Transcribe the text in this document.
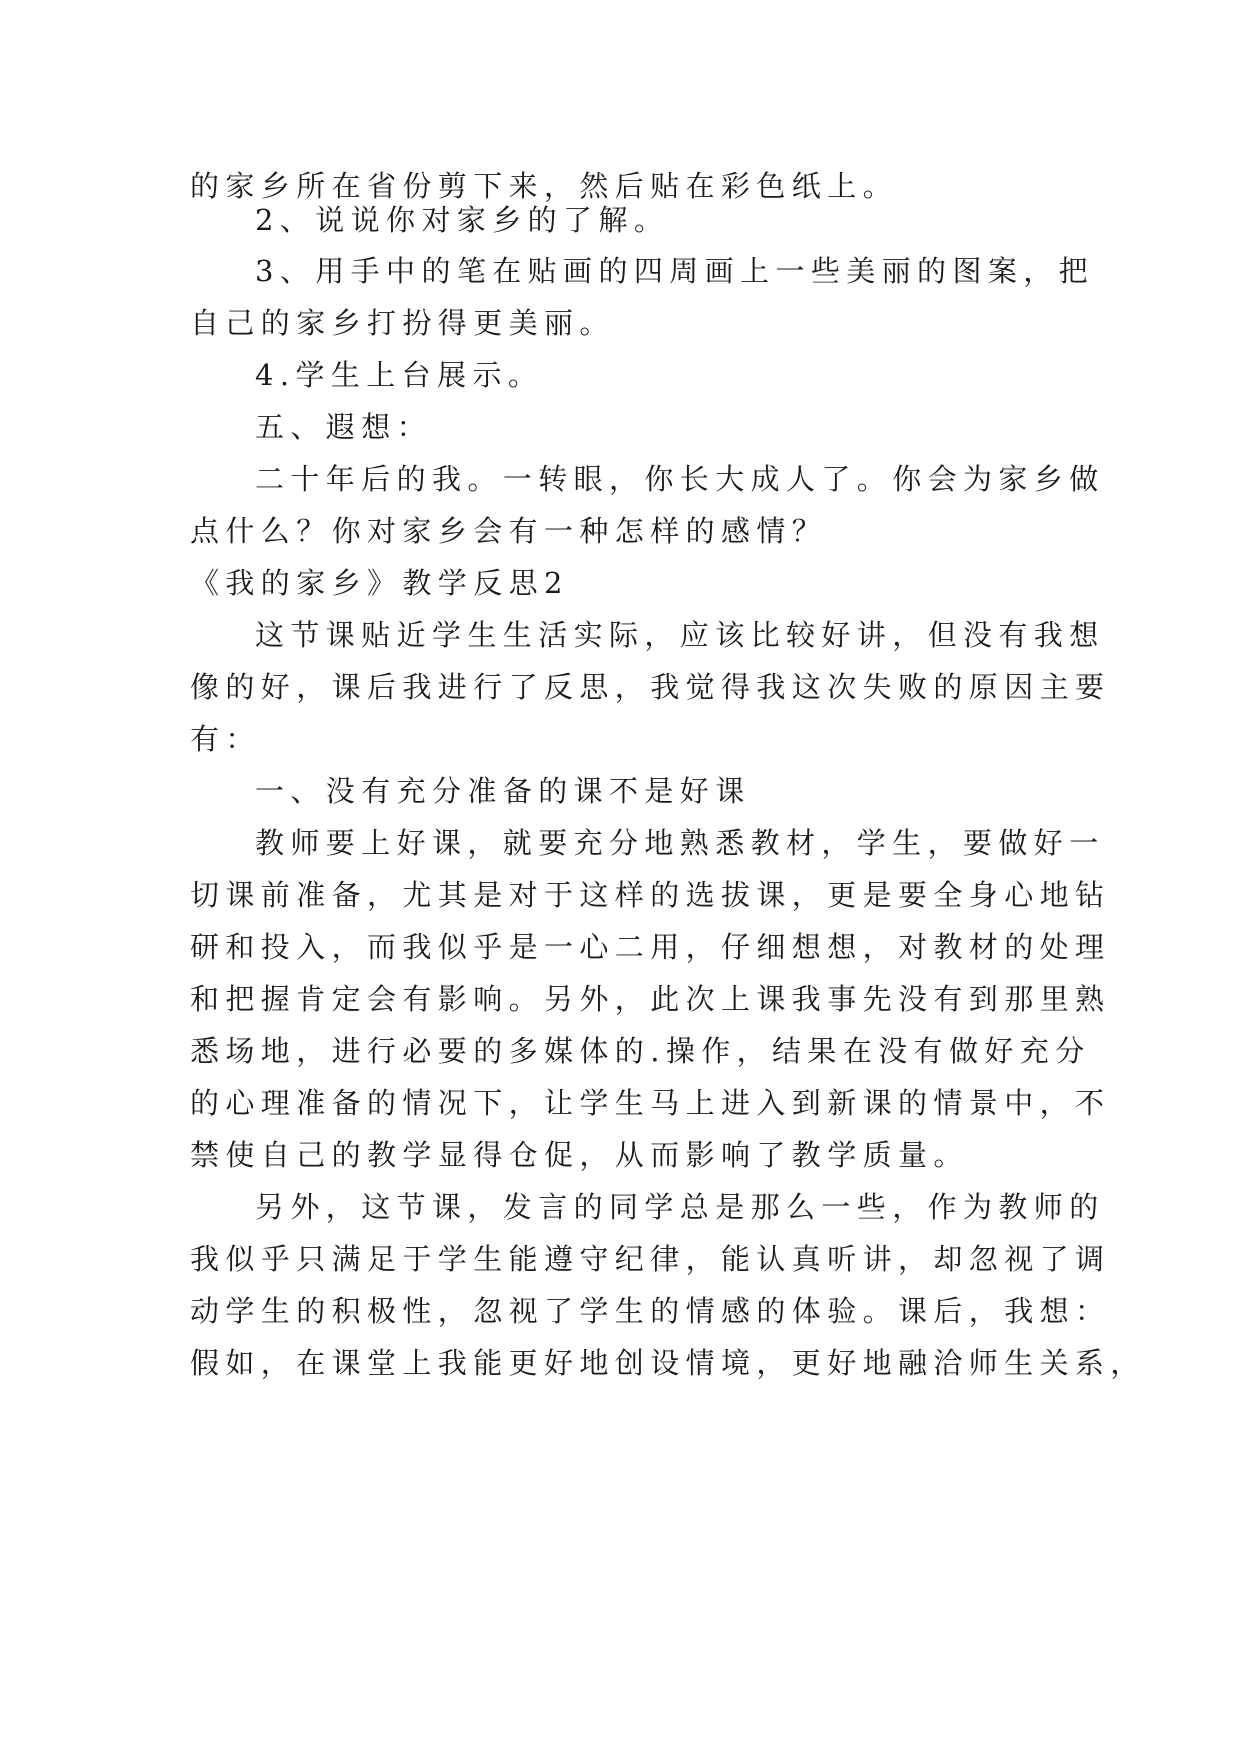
的家乡所在省份剪下来，然后贴在彩色纸上。
2、说说你对家乡的了解。
3、用手中的笔在贴画的四周画上一些美丽的图案，把
自己的家乡打扮得更美丽。
4.学生上台展示。
五、遐想：
二十年后的我。一转眼，你长大成人了。你会为家乡做
点什么？你对家乡会有一种怎样的感情？
《我的家乡》教学反思2
这节课贴近学生生活实际，应该比较好讲，但没有我想
像的好，课后我进行了反思，我觉得我这次失败的原因主要
有：
一、没有充分准备的课不是好课
教师要上好课，就要充分地熟悉教材，学生，要做好一
切课前准备，尤其是对于这样的选拔课，更是要全身心地钻
研和投入，而我似乎是一心二用，仔细想想，对教材的处理
和把握肯定会有影响。另外，此次上课我事先没有到那里熟
悉场地，进行必要的多媒体的.操作，结果在没有做好充分
的心理准备的情况下，让学生马上进入到新课的情景中，不
禁使自己的教学显得仓促，从而影响了教学质量。
另外，这节课，发言的同学总是那么一些，作为教师的
我似乎只满足于学生能遵守纪律，能认真听讲，却忽视了调
动学生的积极性，忽视了学生的情感的体验。课后，我想：
假如，在课堂上我能更好地创设情境，更好地融洽师生关系，
